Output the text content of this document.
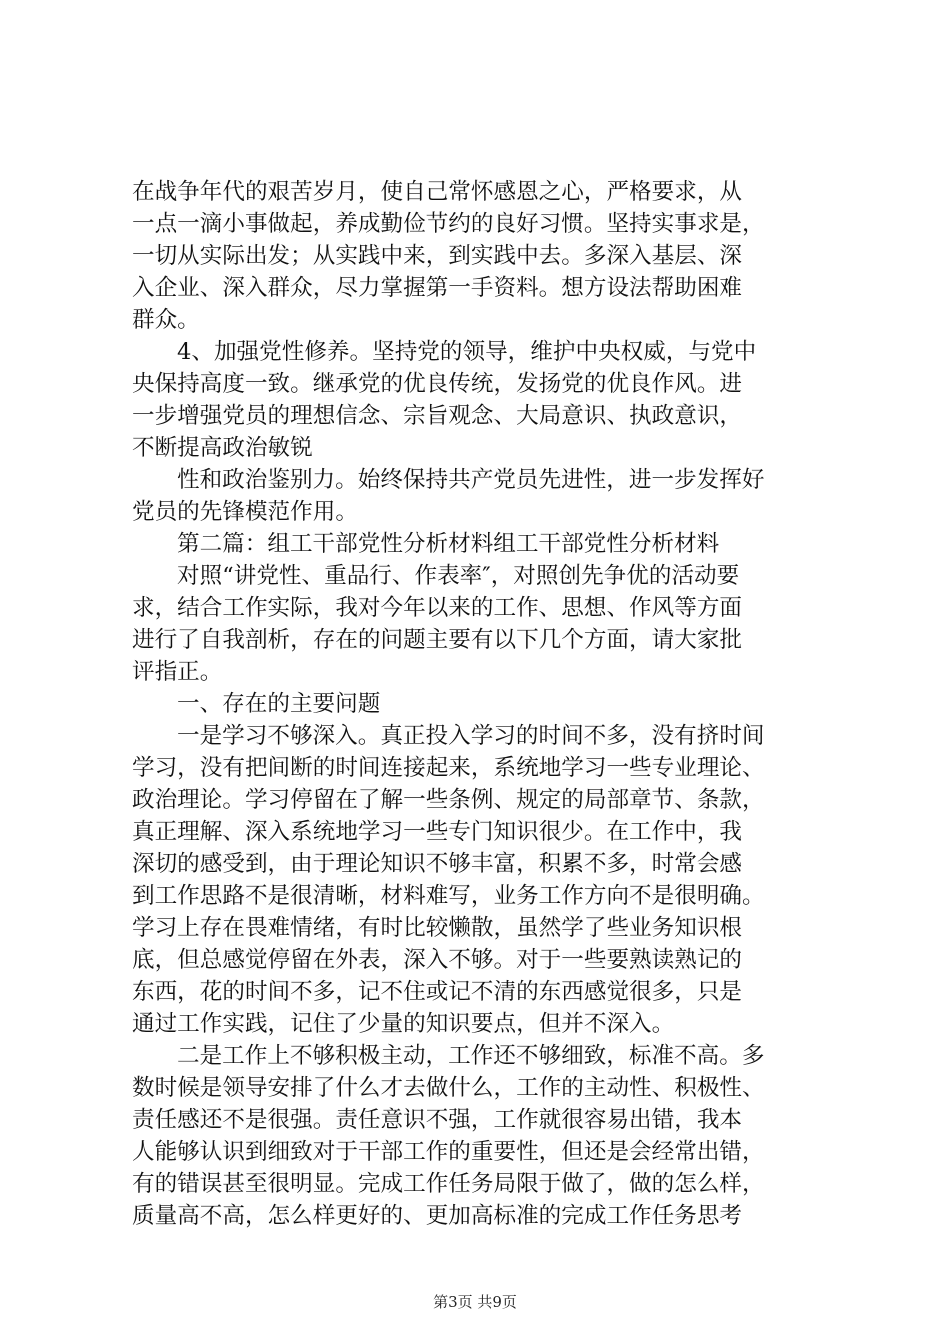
在战争年代的艰苦岁月，使自己常怀感恩之心，严格要求，从
一点一滴小事做起，养成勤俭节约的良好习惯。坚持实事求是，
一切从实际出发；从实践中来，到实践中去。多深入基层、深
入企业、深入群众，尽力掌握第一手资料。想方设法帮助困难
群众。
4、加强党性修养。坚持党的领导，维护中央权威，与党中
央保持高度一致。继承党的优良传统，发扬党的优良作风。进
一步增强党员的理想信念、宗旨观念、大局意识、执政意识，
不断提高政治敏锐
性和政治鉴别力。始终保持共产党员先进性，进一步发挥好
党员的先锋模范作用。
第二篇：组工干部党性分析材料组工干部党性分析材料
对照“讲党性、重品行、作表率″，对照创先争优的活动要
求，结合工作实际，我对今年以来的工作、思想、作风等方面
进行了自我剖析，存在的问题主要有以下几个方面，请大家批
评指正。
一、存在的主要问题
一是学习不够深入。真正投入学习的时间不多，没有挤时间
学习，没有把间断的时间连接起来，系统地学习一些专业理论、
政治理论。学习停留在了解一些条例、规定的局部章节、条款，
真正理解、深入系统地学习一些专门知识很少。在工作中，我
深切的感受到，由于理论知识不够丰富，积累不多，时常会感
到工作思路不是很清晰，材料难写，业务工作方向不是很明确。
学习上存在畏难情绪，有时比较懒散，虽然学了些业务知识根
底，但总感觉停留在外表，深入不够。对于一些要熟读熟记的
东西，花的时间不多，记不住或记不清的东西感觉很多，只是
通过工作实践，记住了少量的知识要点，但并不深入。
二是工作上不够积极主动，工作还不够细致，标准不高。多
数时候是领导安排了什么才去做什么，工作的主动性、积极性、
责任感还不是很强。责任意识不强，工作就很容易出错，我本
人能够认识到细致对于干部工作的重要性，但还是会经常出错，
有的错误甚至很明显。完成工作任务局限于做了，做的怎么样，
质量高不高，怎么样更好的、更加高标准的完成工作任务思考
第3页 共9页
